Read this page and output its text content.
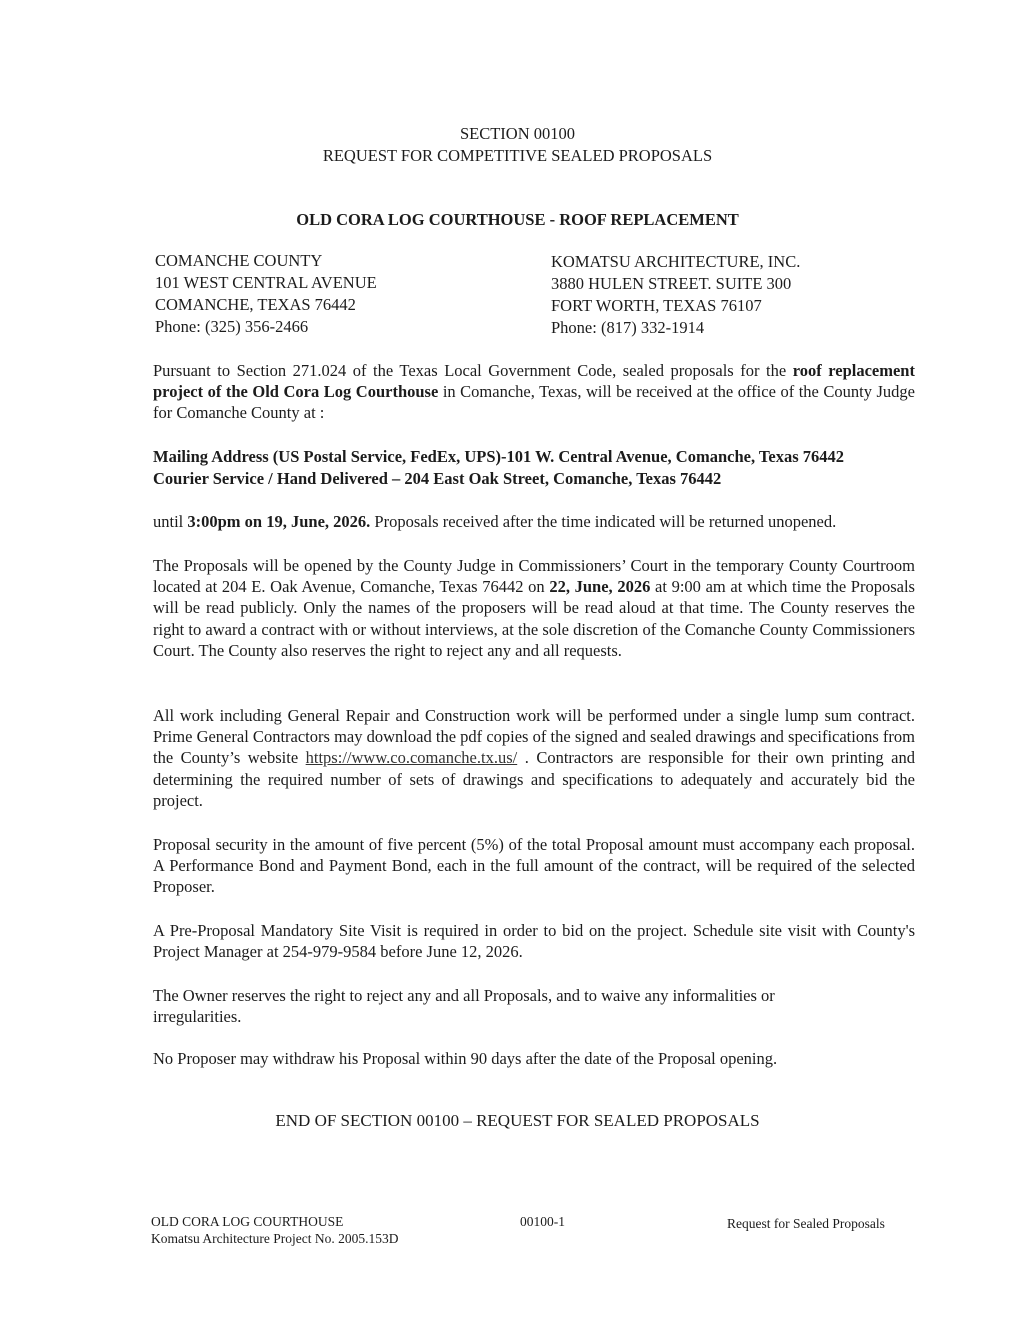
SECTION 00100
REQUEST FOR COMPETITIVE SEALED PROPOSALS
OLD CORA LOG COURTHOUSE - ROOF REPLACEMENT
COMANCHE COUNTY
101 WEST CENTRAL AVENUE
COMANCHE, TEXAS 76442
Phone: (325) 356-2466
KOMATSU ARCHITECTURE, INC.
3880 HULEN STREET. SUITE 300
FORT WORTH, TEXAS 76107
Phone: (817) 332-1914

Pursuant to Section 271.024 of the Texas Local Government Code, sealed proposals for the roof replacement project of the Old Cora Log Courthouse in Comanche, Texas, will be received at the office of the County Judge for Comanche County at :

Mailing Address (US Postal Service, FedEx, UPS)-101 W. Central Avenue, Comanche, Texas 76442
Courier Service / Hand Delivered – 204 East Oak Street, Comanche, Texas 76442

until 3:00pm on 19, June, 2026. Proposals received after the time indicated will be returned unopened.

The Proposals will be opened by the County Judge in Commissioners’ Court in the temporary County Courtroom located at 204 E. Oak Avenue, Comanche, Texas 76442 on 22, June, 2026 at 9:00 am at which time the Proposals will be read publicly. Only the names of the proposers will be read aloud at that time. The County reserves the right to award a contract with or without interviews, at the sole discretion of the Comanche County Commissioners Court. The County also reserves the right to reject any and all requests.

All work including General Repair and Construction work will be performed under a single lump sum contract. Prime General Contractors may download the pdf copies of the signed and sealed drawings and specifications from the County’s website https://www.co.comanche.tx.us/ . Contractors are responsible for their own printing and determining the required number of sets of drawings and specifications to adequately and accurately bid the project.

Proposal security in the amount of five percent (5%) of the total Proposal amount must accompany each proposal. A Performance Bond and Payment Bond, each in the full amount of the contract, will be required of the selected Proposer.

A Pre-Proposal Mandatory Site Visit is required in order to bid on the project. Schedule site visit with County's Project Manager at 254-979-9584 before June 12, 2026.

The Owner reserves the right to reject any and all Proposals, and to waive any informalities or irregularities.

No Proposer may withdraw his Proposal within 90 days after the date of the Proposal opening.

END OF SECTION 00100 – REQUEST FOR SEALED PROPOSALS
OLD CORA LOG COURTHOUSE
Komatsu Architecture Project No. 2005.153D
00100-1	Request for Sealed Proposals
